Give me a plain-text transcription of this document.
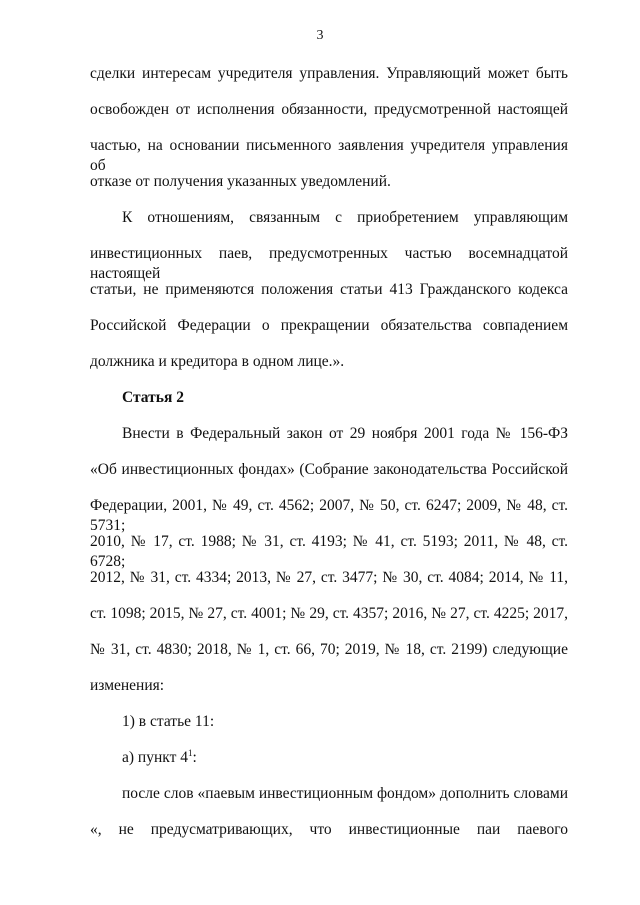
3
сделки интересам учредителя управления. Управляющий может быть
освобожден от исполнения обязанности, предусмотренной настоящей
частью, на основании письменного заявления учредителя управления об
отказе от получения указанных уведомлений.
К отношениям, связанным с приобретением управляющим
инвестиционных паев, предусмотренных частью восемнадцатой настоящей
статьи, не применяются положения статьи 413 Гражданского кодекса
Российской Федерации о прекращении обязательства совпадением
должника и кредитора в одном лице.».
Статья 2
Внести в Федеральный закон от 29 ноября 2001 года № 156-ФЗ
«Об инвестиционных фондах» (Собрание законодательства Российской
Федерации, 2001, № 49, ст. 4562; 2007, № 50, ст. 6247; 2009, № 48, ст. 5731;
2010, № 17, ст. 1988; № 31, ст. 4193; № 41, ст. 5193; 2011, № 48, ст. 6728;
2012, № 31, ст. 4334; 2013, № 27, ст. 3477; № 30, ст. 4084; 2014, № 11,
ст. 1098; 2015, № 27, ст. 4001; № 29, ст. 4357; 2016, № 27, ст. 4225; 2017,
№ 31, ст. 4830; 2018, № 1, ст. 66, 70; 2019, № 18, ст. 2199) следующие
изменения:
1) в статье 11:
а) пункт $4^1$:
после слов «паевым инвестиционным фондом» дополнить словами
«, не предусматривающих, что инвестиционные паи паевого
